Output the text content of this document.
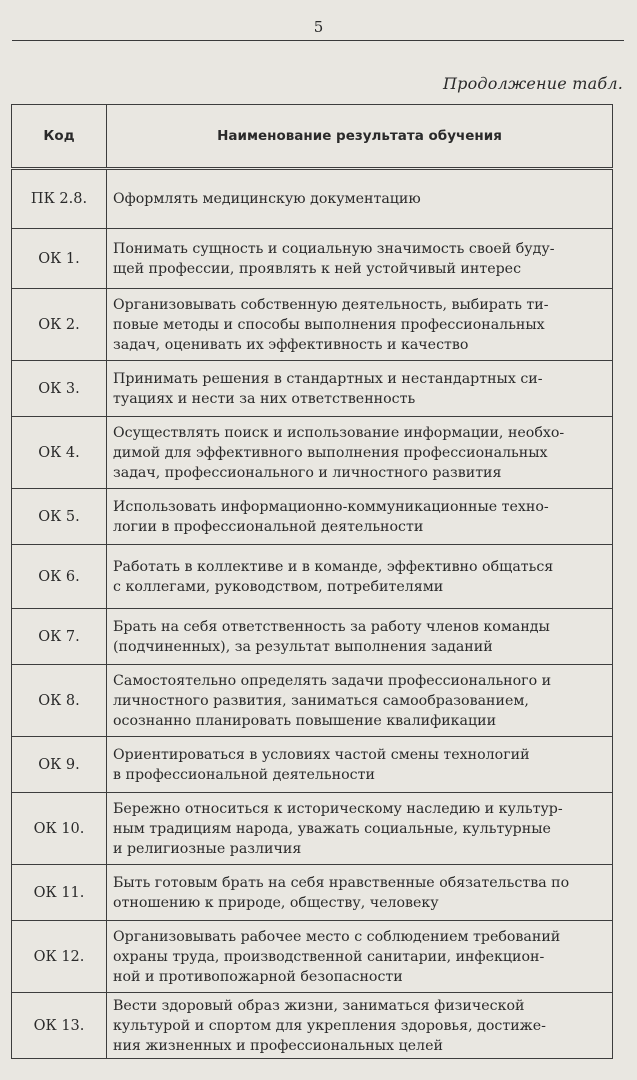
5
Продолжение табл.
Код	Наименование результата обучения
ПК 2.8.	Оформлять медицинскую документацию

ОК 1.	Понимать сущность и социальную значимость своей буду-
щей профессии, проявлять к ней устойчивый интерес

ОК 2.	Организовывать собственную деятельность, выбирать ти-
повые методы и способы выполнения профессиональных
задач, оценивать их эффективность и качество

ОК 3.	Принимать решения в стандартных и нестандартных си-
туациях и нести за них ответственность

ОК 4.	Осуществлять поиск и использование информации, необхо-
димой для эффективного выполнения профессиональных
задач, профессионального и личностного развития

ОК 5.	Использовать информационно-коммуникационные техно-
логии в профессиональной деятельности

ОК 6.	Работать в коллективе и в команде, эффективно общаться
с коллегами, руководством, потребителями

ОК 7.	Брать на себя ответственность за работу членов команды
(подчиненных), за результат выполнения заданий

ОК 8.	Самостоятельно определять задачи профессионального и
личностного развития, заниматься самообразованием,
осознанно планировать повышение квалификации

ОК 9.	Ориентироваться в условиях частой смены технологий
в профессиональной деятельности

ОК 10.	Бережно относиться к историческому наследию и культур-
ным традициям народа, уважать социальные, культурные
и религиозные различия

ОК 11.	Быть готовым брать на себя нравственные обязательства по
отношению к природе, обществу, человеку

ОК 12.	Организовывать рабочее место с соблюдением требований
охраны труда, производственной санитарии, инфекцион-
ной и противопожарной безопасности

ОК 13.	Вести здоровый образ жизни, заниматься физической
культурой и спортом для укрепления здоровья, достиже-
ния жизненных и профессиональных целей
